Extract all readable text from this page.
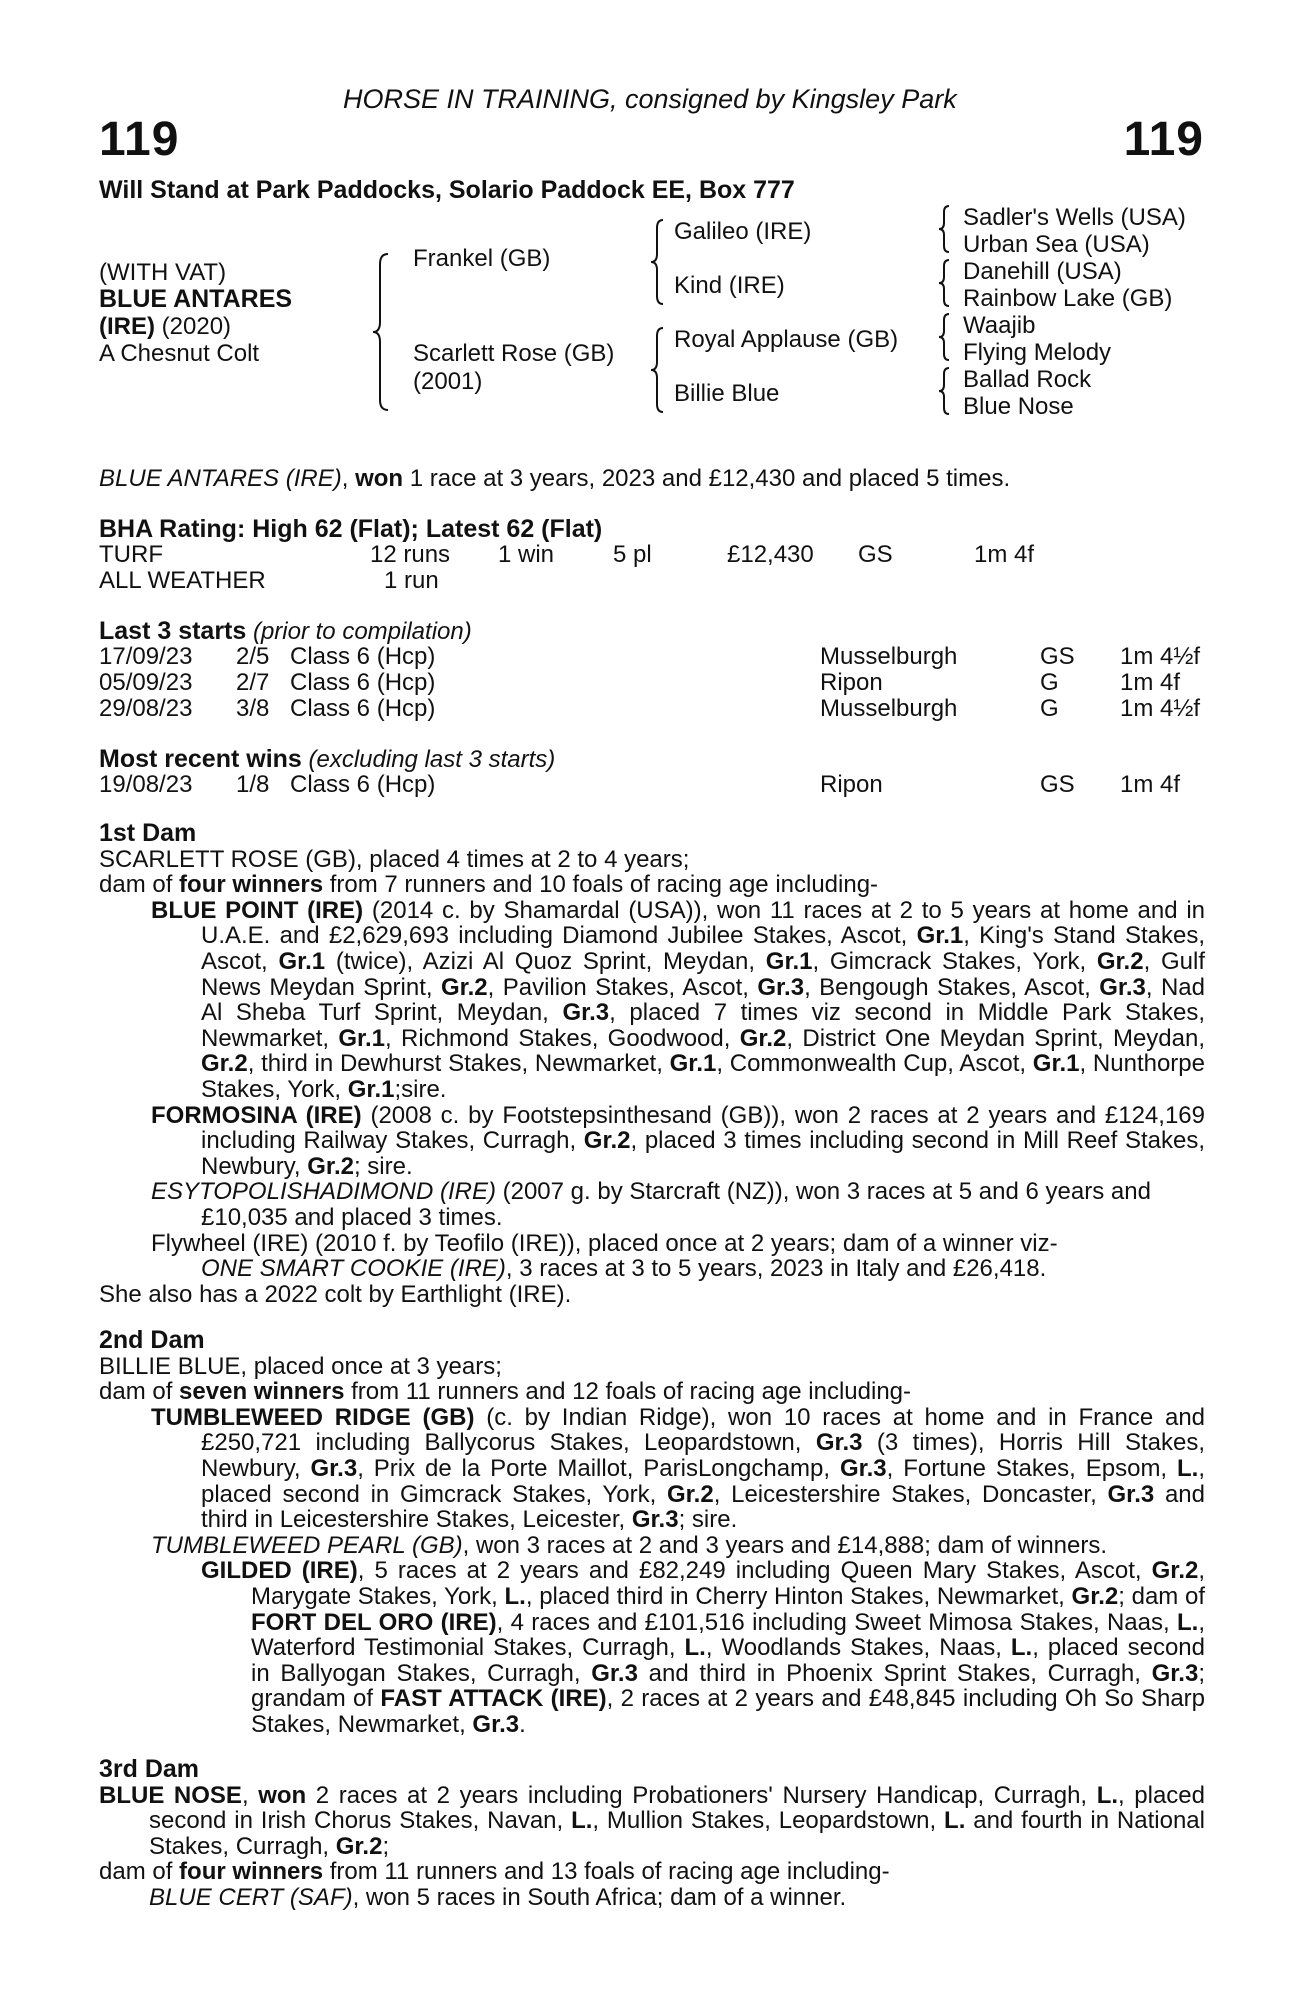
HORSE IN TRAINING, consigned by Kingsley Park
119	119
Will Stand at Park Paddocks, Solario Paddock EE, Box 777
(WITH VAT)
BLUE ANTARES
(IRE) (2020)
A Chesnut Colt
Frankel (GB)
Scarlett Rose (GB)
(2001)
Galileo (IRE)
Kind (IRE)
Royal Applause (GB)
Billie Blue
Sadler's Wells (USA)
Urban Sea (USA)
Danehill (USA)
Rainbow Lake (GB)
Waajib
Flying Melody
Ballad Rock
Blue Nose
BLUE ANTARES (IRE), won 1 race at 3 years, 2023 and £12,430 and placed 5 times.
BHA Rating: High 62 (Flat); Latest 62 (Flat)
TURF	12 runs 1 win 5 pl	£12,430 GS	1m 4f
ALL WEATHER	1 run
Last 3 starts (prior to compilation)
17/09/23 2/5 Class 6 (Hcp)	Musselburgh	GS 1m 4½f
05/09/23 2/7 Class 6 (Hcp)	Ripon	G	1m 4f
29/08/23 3/8 Class 6 (Hcp)	Musselburgh	G	1m 4½f
Most recent wins (excluding last 3 starts)
19/08/23 1/8 Class 6 (Hcp)	Ripon	GS 1m 4f
1st Dam
SCARLETT ROSE (GB), placed 4 times at 2 to 4 years;
dam of four winners from 7 runners and 10 foals of racing age including-
BLUE POINT (IRE) (2014 c. by Shamardal (USA)), won 11 races at 2 to 5 years at home and in U.A.E. and £2,629,693 including Diamond Jubilee Stakes, Ascot, Gr.1, King's Stand Stakes, Ascot, Gr.1 (twice), Azizi Al Quoz Sprint, Meydan, Gr.1, Gimcrack Stakes, York, Gr.2, Gulf News Meydan Sprint, Gr.2, Pavilion Stakes, Ascot, Gr.3, Bengough Stakes, Ascot, Gr.3, Nad Al Sheba Turf Sprint, Meydan, Gr.3, placed 7 times viz second in Middle Park Stakes, Newmarket, Gr.1, Richmond Stakes, Goodwood, Gr.2, District One Meydan Sprint, Meydan, Gr.2, third in Dewhurst Stakes, Newmarket, Gr.1, Commonwealth Cup, Ascot, Gr.1, Nunthorpe Stakes, York, Gr.1;sire.
FORMOSINA (IRE) (2008 c. by Footstepsinthesand (GB)), won 2 races at 2 years and £124,169 including Railway Stakes, Curragh, Gr.2, placed 3 times including second in Mill Reef Stakes, Newbury, Gr.2; sire.
ESYTOPOLISHADIMOND (IRE) (2007 g. by Starcraft (NZ)), won 3 races at 5 and 6 years and £10,035 and placed 3 times.
Flywheel (IRE) (2010 f. by Teofilo (IRE)), placed once at 2 years; dam of a winner viz-
ONE SMART COOKIE (IRE), 3 races at 3 to 5 years, 2023 in Italy and £26,418.
She also has a 2022 colt by Earthlight (IRE).
2nd Dam
BILLIE BLUE, placed once at 3 years;
dam of seven winners from 11 runners and 12 foals of racing age including-
TUMBLEWEED RIDGE (GB) (c. by Indian Ridge), won 10 races at home and in France and £250,721 including Ballycorus Stakes, Leopardstown, Gr.3 (3 times), Horris Hill Stakes, Newbury, Gr.3, Prix de la Porte Maillot, ParisLongchamp, Gr.3, Fortune Stakes, Epsom, L., placed second in Gimcrack Stakes, York, Gr.2, Leicestershire Stakes, Doncaster, Gr.3 and third in Leicestershire Stakes, Leicester, Gr.3; sire.
TUMBLEWEED PEARL (GB), won 3 races at 2 and 3 years and £14,888; dam of winners.
GILDED (IRE), 5 races at 2 years and £82,249 including Queen Mary Stakes, Ascot, Gr.2, Marygate Stakes, York, L., placed third in Cherry Hinton Stakes, Newmarket, Gr.2; dam of FORT DEL ORO (IRE), 4 races and £101,516 including Sweet Mimosa Stakes, Naas, L., Waterford Testimonial Stakes, Curragh, L., Woodlands Stakes, Naas, L., placed second in Ballyogan Stakes, Curragh, Gr.3 and third in Phoenix Sprint Stakes, Curragh, Gr.3; grandam of FAST ATTACK (IRE), 2 races at 2 years and £48,845 including Oh So Sharp Stakes, Newmarket, Gr.3.
3rd Dam
BLUE NOSE, won 2 races at 2 years including Probationers' Nursery Handicap, Curragh, L., placed second in Irish Chorus Stakes, Navan, L., Mullion Stakes, Leopardstown, L. and fourth in National Stakes, Curragh, Gr.2;
dam of four winners from 11 runners and 13 foals of racing age including-
BLUE CERT (SAF), won 5 races in South Africa; dam of a winner.
